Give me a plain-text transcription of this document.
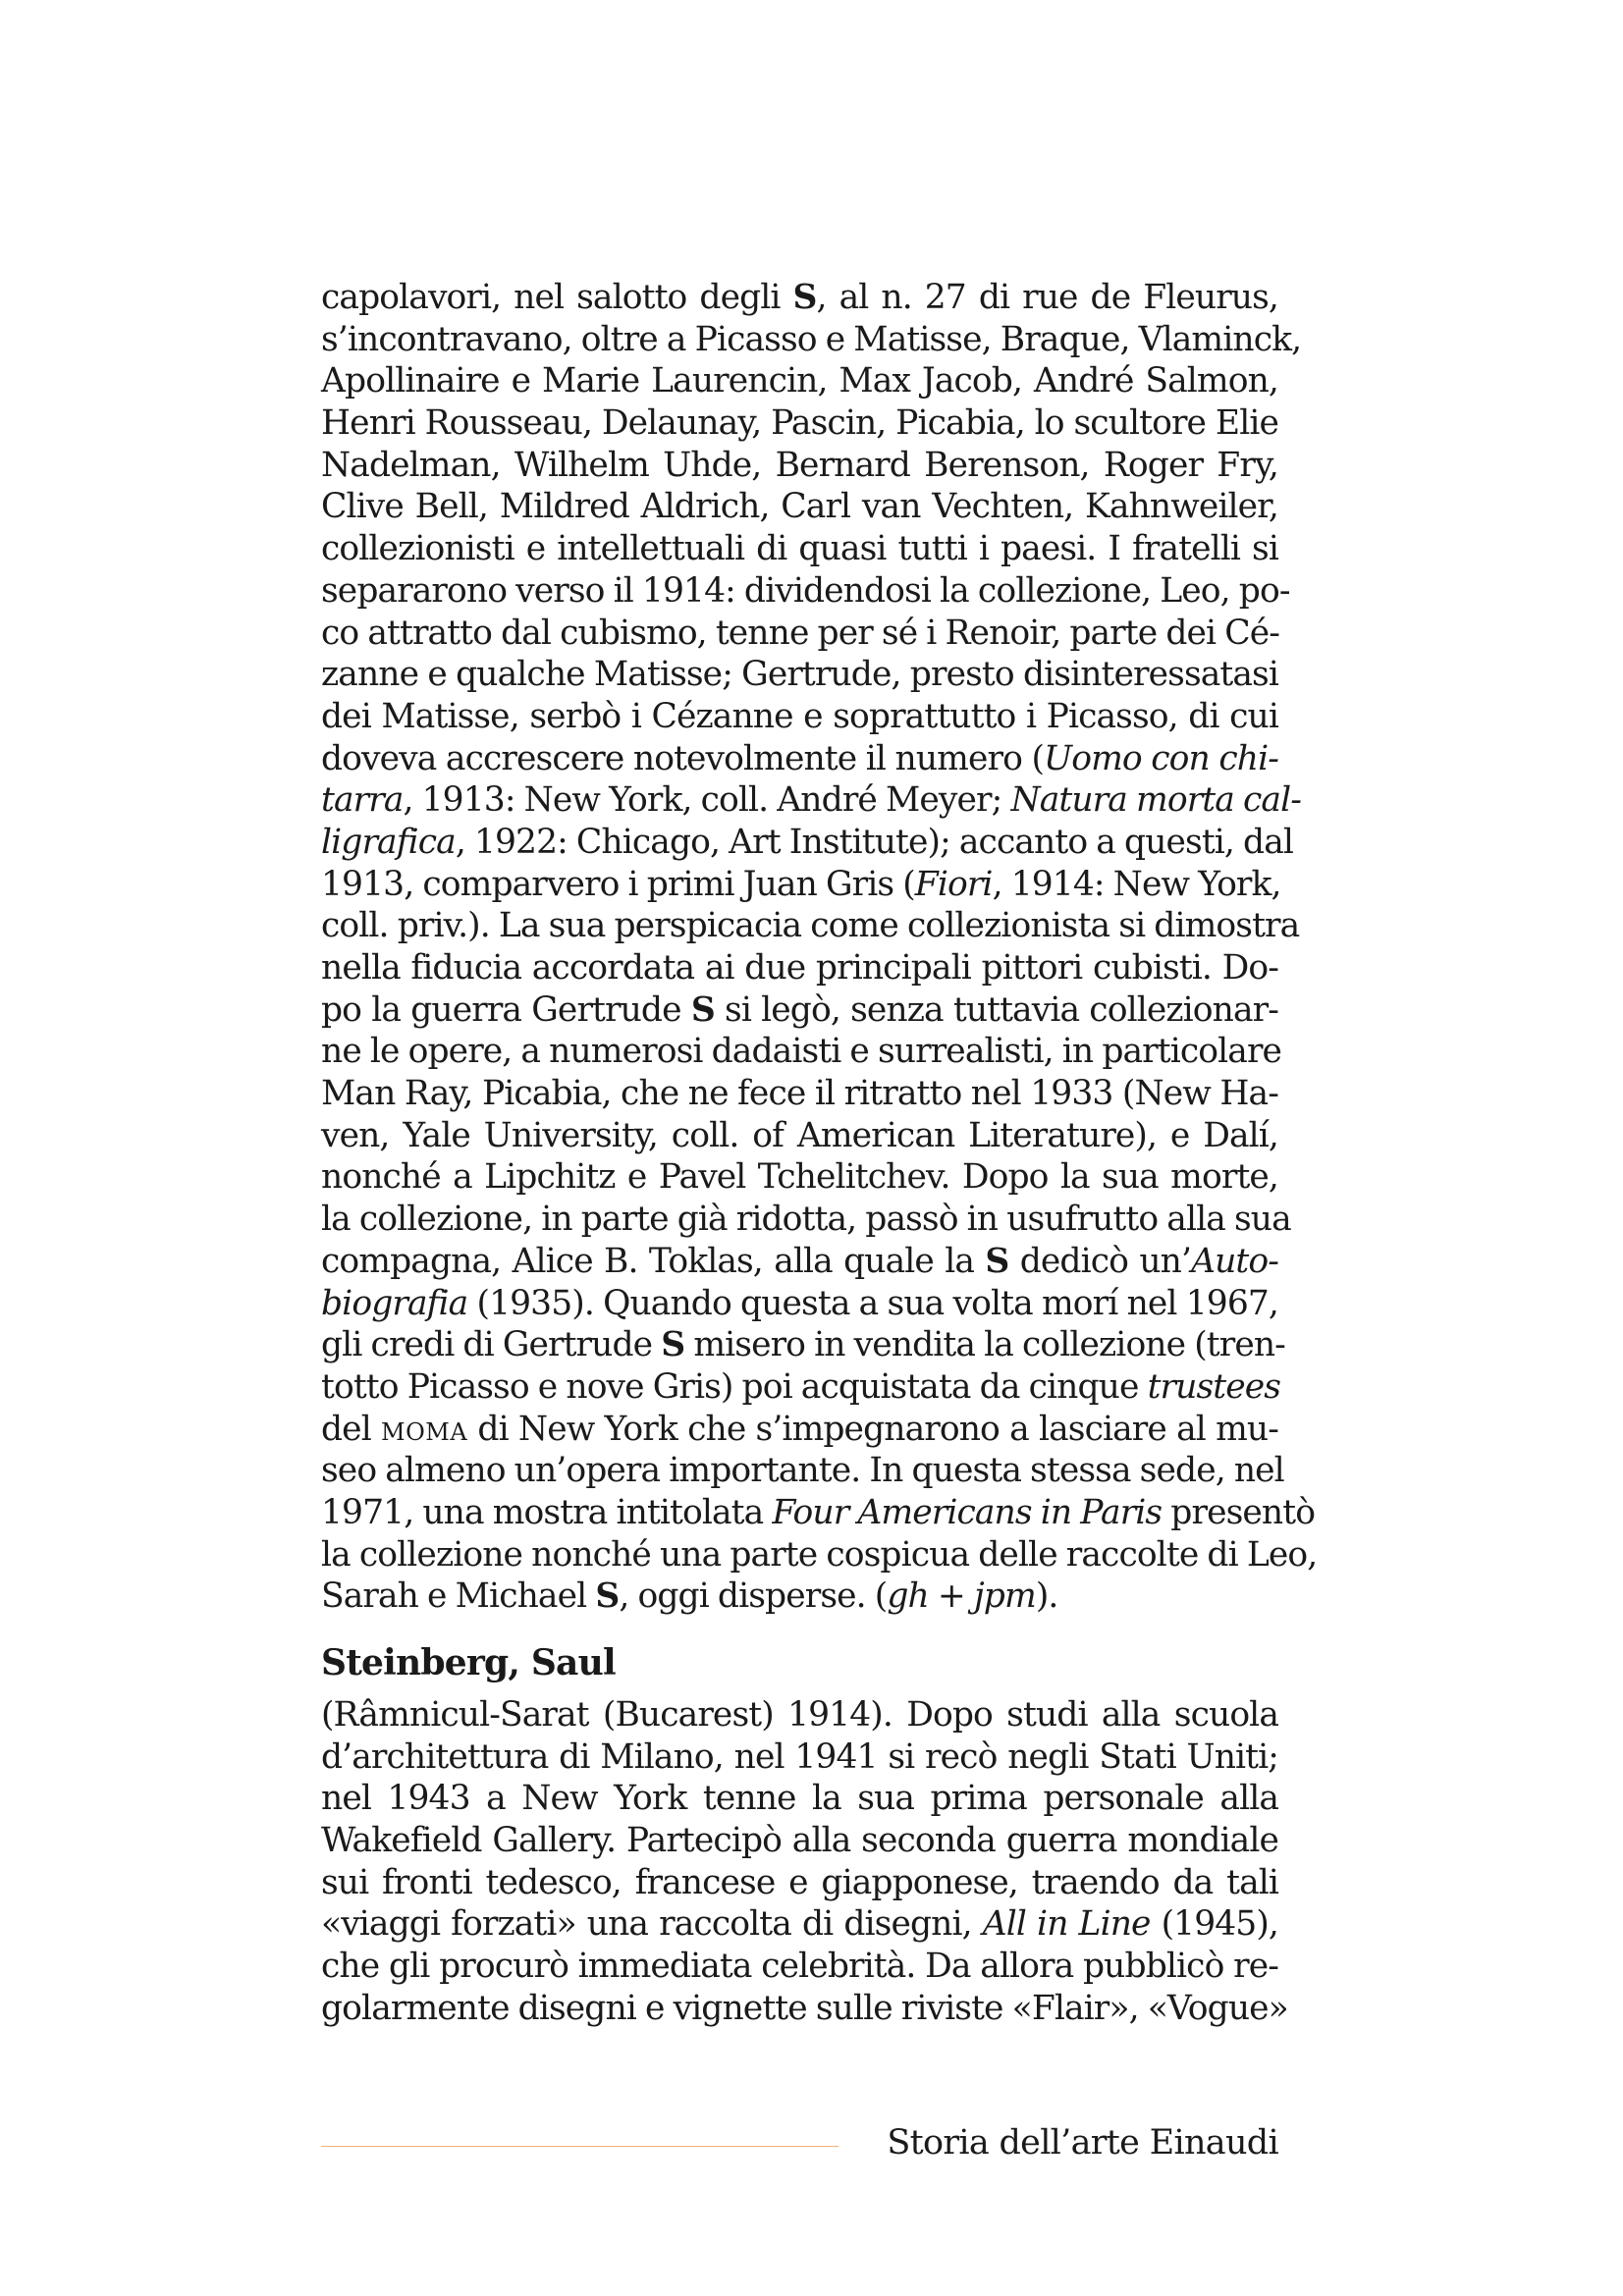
capolavori, nel salotto degli S, al n. 27 di rue de Fleurus,
s’incontravano, oltre a Picasso e Matisse, Braque, Vlaminck,
Apollinaire e Marie Laurencin, Max Jacob, André Salmon,
Henri Rousseau, Delaunay, Pascin, Picabia, lo scultore Elie
Nadelman, Wilhelm Uhde, Bernard Berenson, Roger Fry,
Clive Bell, Mildred Aldrich, Carl van Vechten, Kahnweiler,
collezionisti e intellettuali di quasi tutti i paesi. I fratelli si
separarono verso il 1914: dividendosi la collezione, Leo, po-
co attratto dal cubismo, tenne per sé i Renoir, parte dei Cé-
zanne e qualche Matisse; Gertrude, presto disinteressatasi
dei Matisse, serbò i Cézanne e soprattutto i Picasso, di cui
doveva accrescere notevolmente il numero (Uomo con chi-
tarra, 1913: New York, coll. André Meyer; Natura morta cal-
ligrafica, 1922: Chicago, Art Institute); accanto a questi, dal
1913, comparvero i primi Juan Gris (Fiori, 1914: New York,
coll. priv.). La sua perspicacia come collezionista si dimostra
nella fiducia accordata ai due principali pittori cubisti. Do-
po la guerra Gertrude S si legò, senza tuttavia collezionar-
ne le opere, a numerosi dadaisti e surrealisti, in particolare
Man Ray, Picabia, che ne fece il ritratto nel 1933 (New Ha-
ven, Yale University, coll. of American Literature), e Dalí,
nonché a Lipchitz e Pavel Tchelitchev. Dopo la sua morte,
la collezione, in parte già ridotta, passò in usufrutto alla sua
compagna, Alice B. Toklas, alla quale la S dedicò un’Auto-
biografia (1935). Quando questa a sua volta morí nel 1967,
gli credi di Gertrude S misero in vendita la collezione (tren-
totto Picasso e nove Gris) poi acquistata da cinque trustees
del moma di New York che s’impegnarono a lasciare al mu-
seo almeno un’opera importante. In questa stessa sede, nel
1971, una mostra intitolata Four Americans in Paris presentò
la collezione nonché una parte cospicua delle raccolte di Leo,
Sarah e Michael S, oggi disperse. (gh + jpm).
Steinberg, Saul
(Râmnicul-Sarat (Bucarest) 1914). Dopo studi alla scuola
d’architettura di Milano, nel 1941 si recò negli Stati Uniti;
nel 1943 a New York tenne la sua prima personale alla
Wakefield Gallery. Partecipò alla seconda guerra mondiale
sui fronti tedesco, francese e giapponese, traendo da tali
«viaggi forzati» una raccolta di disegni, All in Line (1945),
che gli procurò immediata celebrità. Da allora pubblicò re-
golarmente disegni e vignette sulle riviste «Flair», «Vogue»
Storia dell’arte Einaudi
